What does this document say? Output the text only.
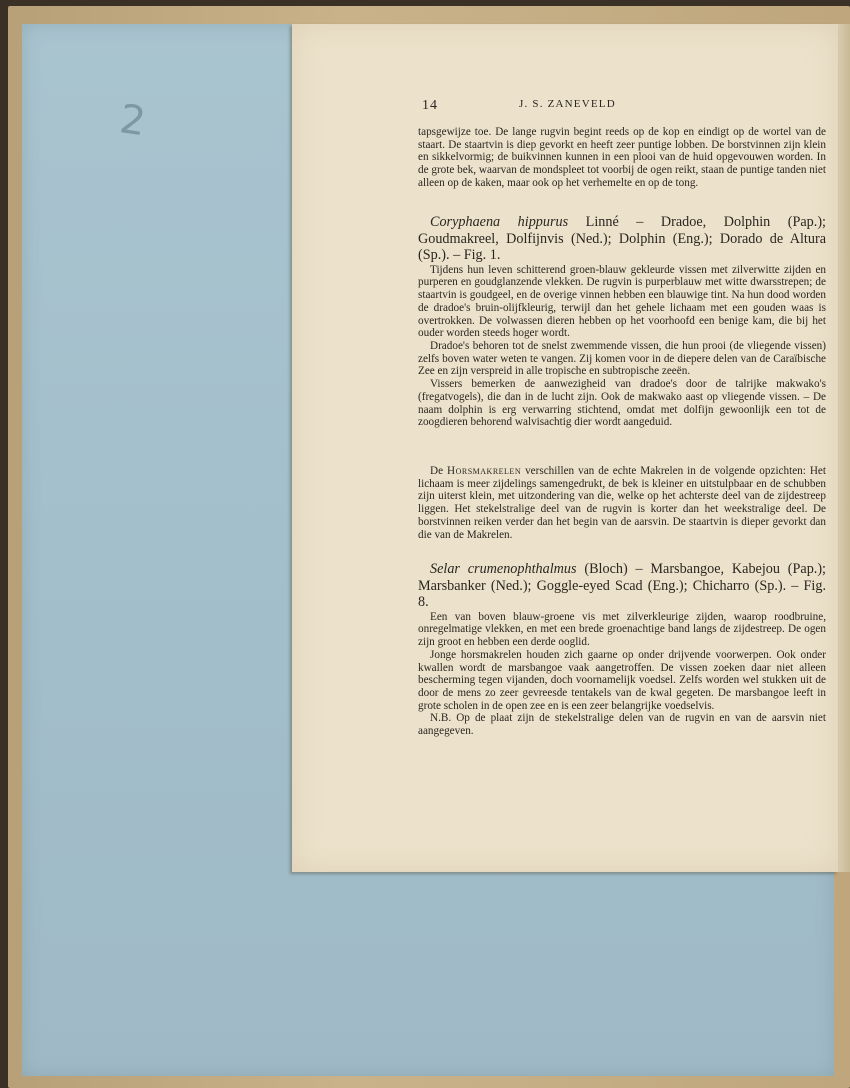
2	14	J. S. ZANEVELD

tapsgewijze toe. De lange rugvin begint reeds op de kop en eindigt op de wortel van de staart. De staartvin is diep gevorkt en heeft zeer puntige lobben. De borstvinnen zijn klein en sikkelvormig; de buikvinnen kunnen in een plooi van de huid opgevouwen worden. In de grote bek, waarvan de mondspleet tot voorbij de ogen reikt, staan de puntige tanden niet alleen op de kaken, maar ook op het verhemelte en op de tong.

Coryphaena hippurus Linné – Dradoe, Dolphin (Pap.); Goudmakreel, Dolfijnvis (Ned.); Dolphin (Eng.); Dorado de Altura (Sp.). – Fig. 1.

Tijdens hun leven schitterend groen-blauw gekleurde vissen met zilverwitte zijden en purperen en goudglanzende vlekken. De rugvin is purperblauw met witte dwarsstrepen; de staartvin is goudgeel, en de overige vinnen hebben een blauwige tint. Na hun dood worden de dradoe's bruin-olijfkleurig, terwijl dan het gehele lichaam met een gouden waas is overtrokken. De volwassen dieren hebben op het voorhoofd een benige kam, die bij het ouder worden steeds hoger wordt.

Dradoe's behoren tot de snelst zwemmende vissen, die hun prooi (de vliegende vissen) zelfs boven water weten te vangen. Zij komen voor in de diepere delen van de Caraïbische Zee en zijn verspreid in alle tropische en subtropische zeeën.

Vissers bemerken de aanwezigheid van dradoe's door de talrijke makwako's (fregatvogels), die dan in de lucht zijn. Ook de makwako aast op vliegende vissen. – De naam dolphin is erg verwarring stichtend, omdat met dolfijn gewoonlijk een tot de zoogdieren behorend walvisachtig dier wordt aangeduid.

De Horsmakrelen verschillen van de echte Makrelen in de volgende opzichten: Het lichaam is meer zijdelings samengedrukt, de bek is kleiner en uitstulpbaar en de schubben zijn uiterst klein, met uitzondering van die, welke op het achterste deel van de zijdestreep liggen. Het stekelstralige deel van de rugvin is korter dan het weekstralige deel. De borstvinnen reiken verder dan het begin van de aarsvin. De staartvin is dieper gevorkt dan die van de Makrelen.

Selar crumenophthalmus (Bloch) – Marsbangoe, Kabejou (Pap.); Marsbanker (Ned.); Goggle-eyed Scad (Eng.); Chicharro (Sp.). – Fig. 8.

Een van boven blauw-groene vis met zilverkleurige zijden, waarop roodbruine, onregelmatige vlekken, en met een brede groenachtige band langs de zijdestreep. De ogen zijn groot en hebben een derde ooglid.

Jonge horsmakrelen houden zich gaarne op onder drijvende voorwerpen. Ook onder kwallen wordt de marsbangoe vaak aangetroffen. De vissen zoeken daar niet alleen bescherming tegen vijanden, doch voornamelijk voedsel. Zelfs worden wel stukken uit de door de mens zo zeer gevreesde tentakels van de kwal gegeten. De marsbangoe leeft in grote scholen in de open zee en is een zeer belangrijke voedselvis.

N.B. Op de plaat zijn de stekelstralige delen van de rugvin en van de aarsvin niet aangegeven.
